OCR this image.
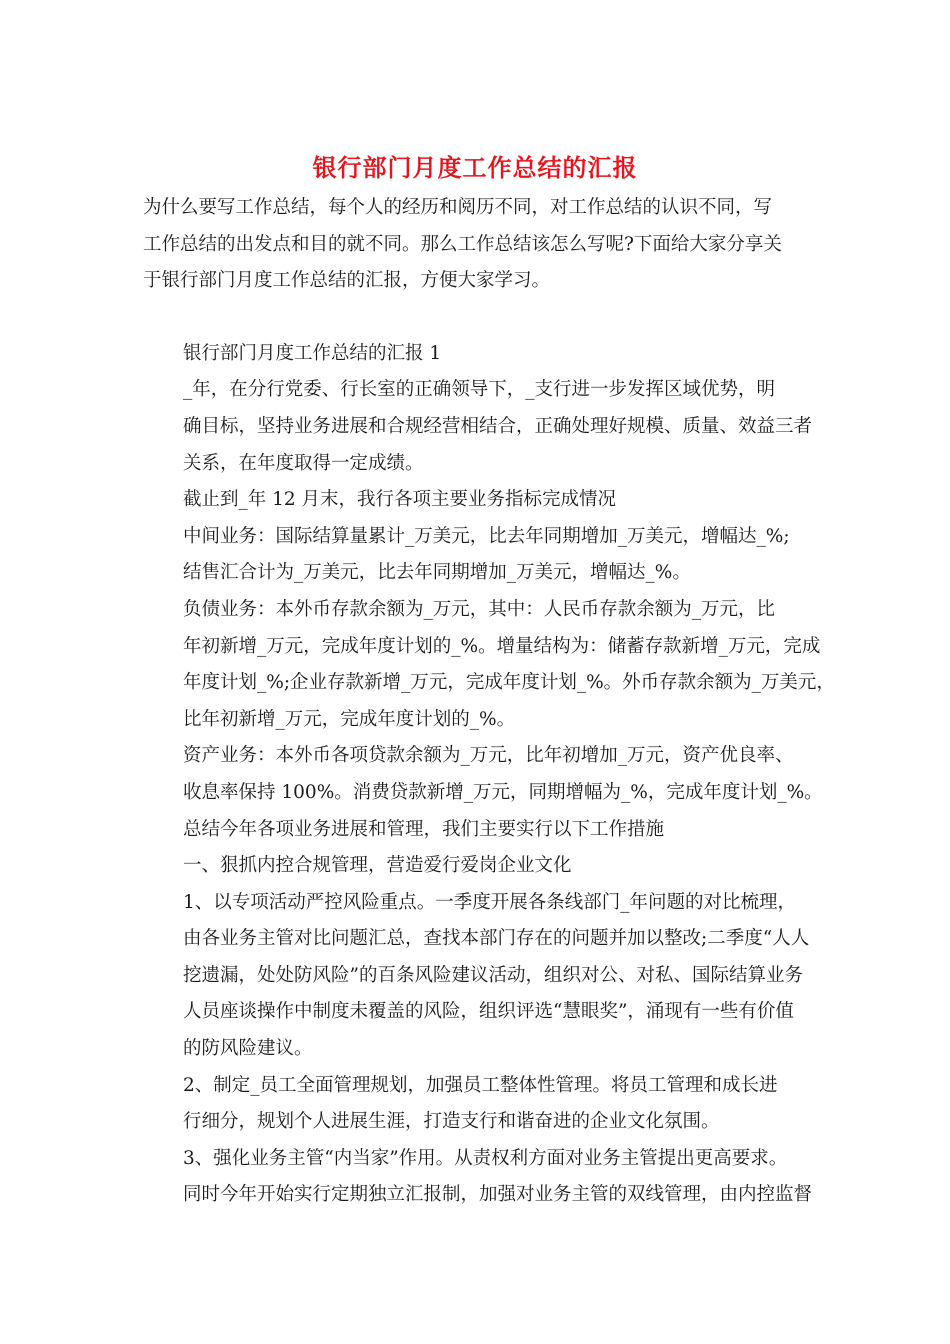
银行部门月度工作总结的汇报

为什么要写工作总结，每个人的经历和阅历不同，对工作总结的认识不同，写
工作总结的出发点和目的就不同。那么工作总结该怎么写呢?下面给大家分享关
于银行部门月度工作总结的汇报，方便大家学习。

银行部门月度工作总结的汇报 1

_年，在分行党委、行长室的正确领导下，_支行进一步发挥区域优势，明
确目标，坚持业务进展和合规经营相结合，正确处理好规模、质量、效益三者
关系，在年度取得一定成绩。

截止到_年 12 月末，我行各项主要业务指标完成情况

中间业务：国际结算量累计_万美元，比去年同期增加_万美元，增幅达_%;
结售汇合计为_万美元，比去年同期增加_万美元，增幅达_%。

负债业务：本外币存款余额为_万元，其中：人民币存款余额为_万元，比
年初新增_万元，完成年度计划的_%。增量结构为：储蓄存款新增_万元，完成
年度计划_%;企业存款新增_万元，完成年度计划_%。外币存款余额为_万美元，
比年初新增_万元，完成年度计划的_%。

资产业务：本外币各项贷款余额为_万元，比年初增加_万元，资产优良率、
收息率保持 100%。消费贷款新增_万元，同期增幅为_%，完成年度计划_%。

总结今年各项业务进展和管理，我们主要实行以下工作措施

一、狠抓内控合规管理，营造爱行爱岗企业文化

1、以专项活动严控风险重点。一季度开展各条线部门_年问题的对比梳理，
由各业务主管对比问题汇总，查找本部门存在的问题并加以整改;二季度“人人
挖遗漏，处处防风险”的百条风险建议活动，组织对公、对私、国际结算业务
人员座谈操作中制度未覆盖的风险，组织评选“慧眼奖”，涌现有一些有价值
的防风险建议。

2、制定_员工全面管理规划，加强员工整体性管理。将员工管理和成长进
行细分，规划个人进展生涯，打造支行和谐奋进的企业文化氛围。

3、强化业务主管“内当家”作用。从责权利方面对业务主管提出更高要求。
同时今年开始实行定期独立汇报制，加强对业务主管的双线管理，由内控监督
